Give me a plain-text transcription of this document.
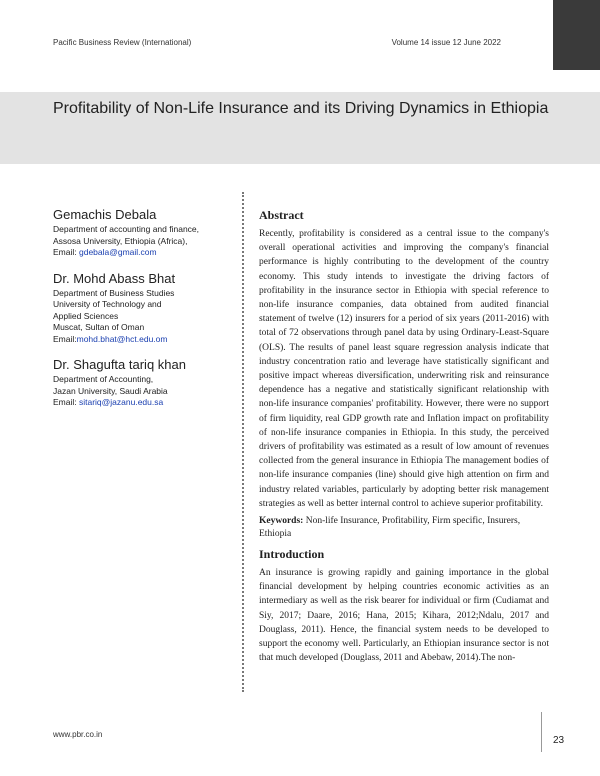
Pacific Business Review (International)	Volume 14 issue 12 June 2022
Profitability of Non-Life Insurance and its Driving Dynamics in Ethiopia
Gemachis Debala
Department of accounting and finance,
Assosa University, Ethiopia (Africa),
Email: gdebala@gmail.com
Dr. Mohd Abass Bhat
Department of Business Studies
University of Technology and
Applied Sciences
Muscat, Sultan of Oman
Email:mohd.bhat@hct.edu.om
Dr. Shagufta tariq khan
Department of Accounting,
Jazan University, Saudi Arabia
Email: sitariq@jazanu.edu.sa
Abstract

Recently, profitability is considered as a central issue to the company's overall operational activities and improving the company's financial performance is highly contributing to the development of the country economy. This study intends to investigate the driving factors of profitability in the insurance sector in Ethiopia with special reference to non-life insurance companies, data obtained from audited financial statement of twelve (12) insurers for a period of six years (2011-2016) with total of 72 observations through panel data by using Ordinary-Least-Square (OLS). The results of panel least square regression analysis indicate that industry concentration ratio and leverage have statistically significant and positive impact whereas diversification, underwriting risk and reinsurance dependence has a negative and statistically significant relationship with non-life insurance companies' profitability. However, there were no support of firm liquidity, real GDP growth rate and Inflation impact on profitability of non-life insurance companies in Ethiopia. In this study, the perceived drivers of profitability was estimated as a result of low amount of revenues collected from the general insurance in Ethiopia The management bodies of non-life insurance companies (line) should give high attention on firm and industry related variables, particularly by adopting better risk management strategies as well as better internal control to achieve superior profitability.

Keywords: Non-life Insurance, Profitability, Firm specific, Insurers, Ethiopia
Introduction

An insurance is growing rapidly and gaining importance in the global financial development by helping countries economic activities as an intermediary as well as the risk bearer for individual or firm (Cudiamat and Siy, 2017; Daare, 2016; Hana, 2015; Kihara, 2012;Ndalu, 2017 and Douglass, 2011). Hence, the financial system needs to be developed to support the economy well. Particularly, an Ethiopian insurance sector is not that much developed (Douglass, 2011 and Abebaw, 2014).The non-

www.pbr.co.in
23
